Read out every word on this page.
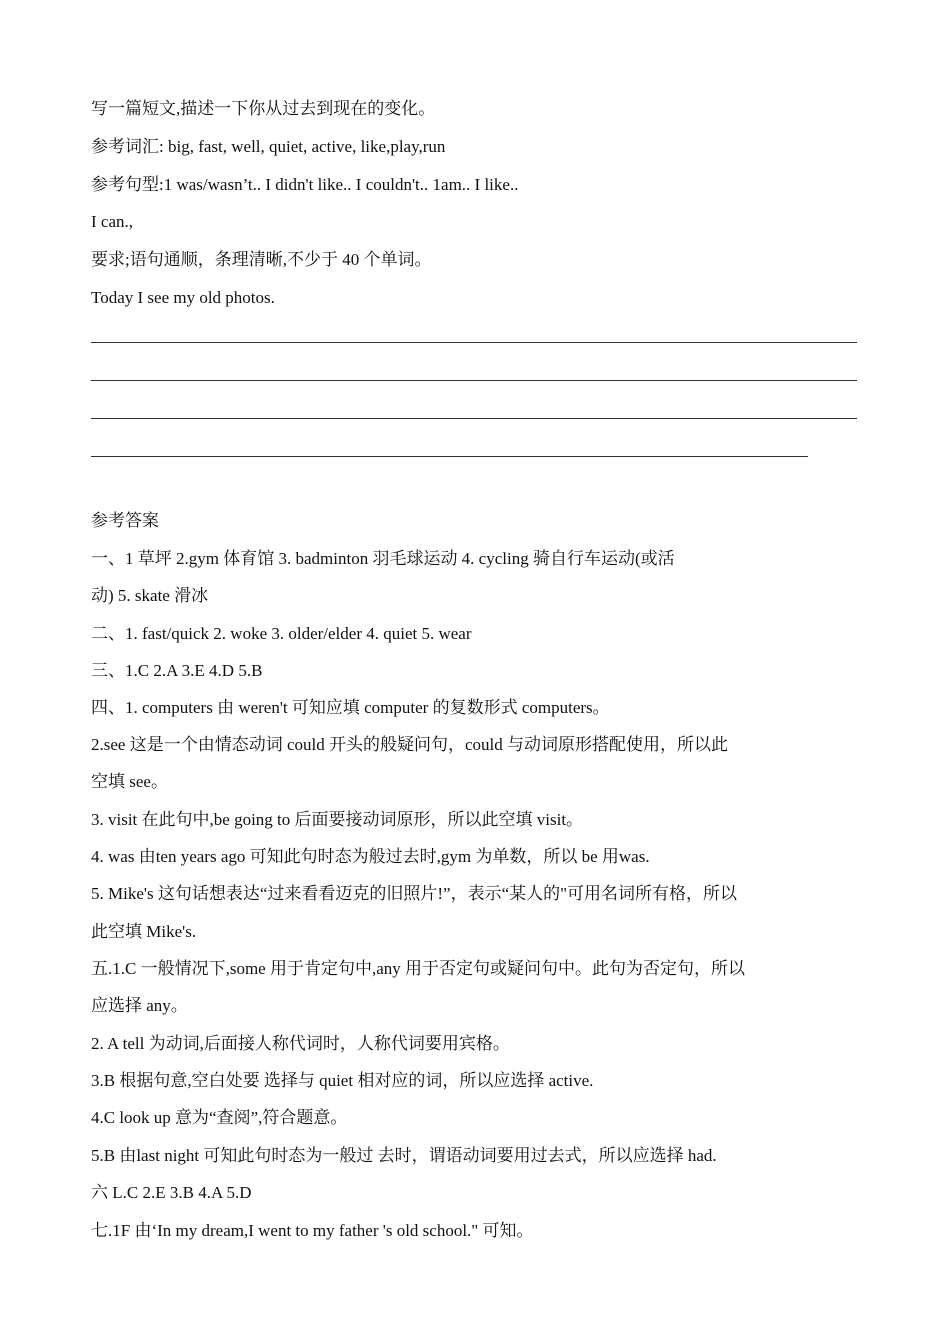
写一篇短文,描述一下你从过去到现在的变化。

参考词汇: big, fast, well, quiet, active, like,play,run

参考句型:1 was/wasn’t.. I didn't like.. I couldn't.. 1am.. I like..

I can.,

要求;语句通顺，条理清晰,不少于 40 个单词。

Today I see my old photos.

参考答案

一、1 草坪 2.gym 体育馆 3. badminton 羽毛球运动 4. cycling 骑自行车运动(或活

动) 5. skate 滑冰

二、1. fast/quick 2. woke 3. older/elder 4. quiet 5. wear

三、1.C 2.A 3.E 4.D 5.B

四、1. computers 由 weren't 可知应填 computer 的复数形式 computers。

2.see 这是一个由情态动词 could 开头的般疑问句，could 与动词原形搭配使用，所以此

空填 see。

3. visit 在此句中,be going to 后面要接动词原形，所以此空填 visit。

4. was 由ten years ago 可知此句时态为般过去时,gym 为单数，所以 be 用was.

5. Mike's 这句话想表达“过来看看迈克的旧照片!”，表示“某人的"可用名词所有格，所以

此空填 Mike's.

五.1.C 一般情况下,some 用于肯定句中,any 用于否定句或疑问句中。此句为否定句，所以

应选择 any。

2. A tell 为动词,后面接人称代词时，人称代词要用宾格。

3.B 根据句意,空白处要 选择与 quiet 相对应的词，所以应选择 active.

4.C look up 意为“查阅”,符合题意。

5.B 由last night 可知此句时态为一般过 去时，谓语动词要用过去式，所以应选择 had.

六 L.C 2.E 3.B 4.A 5.D

七.1F 由‘In my dream,I went to my father 's old school." 可知。
